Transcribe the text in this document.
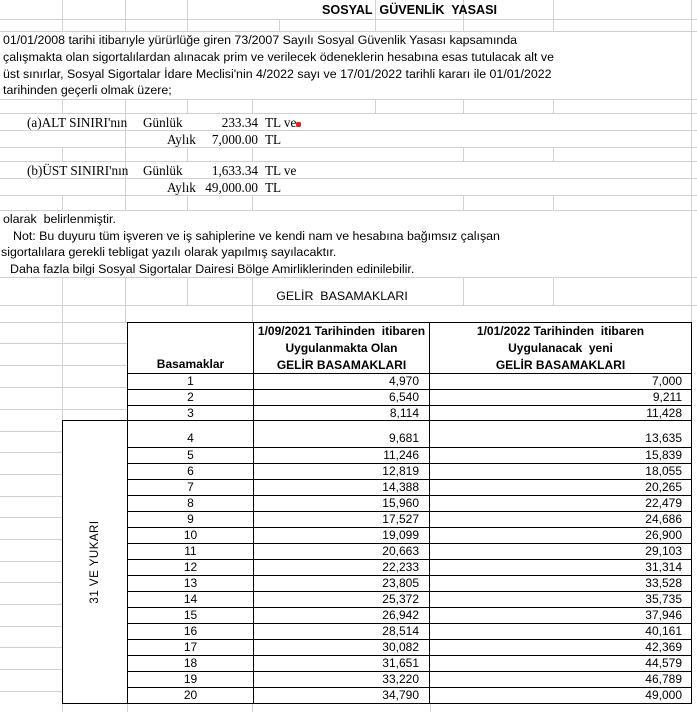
SOSYAL  GÜVENLİK  YASASI
01/01/2008 tarihi itibarıyle yürürlüğe giren 73/2007 Sayılı Sosyal Güvenlik Yasası kapsamında
çalışmakta olan sigortalılardan alınacak prim ve verilecek ödeneklerin hesabına esas tutulacak alt ve
üst sınırlar, Sosyal Sigortalar İdare Meclisi'nin 4/2022 sayı ve 17/01/2022 tarihli kararı ile 01/01/2022
tarihinden geçerli olmak üzere;
(a)ALT SINIRI'nın Günlük	233.34 TL ve
Aylık	7,000.00 TL
(b)ÜST SINIRI'nın Günlük	1,633.34 TL ve
Aylık 49,000.00 TL
olarak  belirlenmiştir.
Not: Bu duyuru tüm işveren ve iş sahiplerine ve kendi nam ve hesabına bağımsız çalışan
sigortalılara gerekli tebligat yazılı olarak yapılmış sayılacaktır.
Daha fazla bilgi Sosyal Sigortalar Dairesi Bölge Amirliklerinden edinilebilir.
GELİR  BASAMAKLARI
Basamaklar
1/09/2021 Tarihinden  itibaren
Uygulanmakta Olan
GELİR BASAMAKLARI
1/01/2022 Tarihinden  itibaren
Uygulanacak  yeni
GELİR BASAMAKLARI
1	4,970	7,000
2	6,540	9,211
3	8,114	11,428
4	9,681	13,635
5	11,246	15,839
6	12,819	18,055
7	14,388	20,265
8	15,960	22,479
9	17,527	24,686
10	19,099	26,900
11	20,663	29,103
12	22,233	31,314
13	23,805	33,528
14	25,372	35,735
15	26,942	37,946
16	28,514	40,161
17	30,082	42,369
18	31,651	44,579
19	33,220	46,789
20	34,790	49,000
31 VE YUKARI
